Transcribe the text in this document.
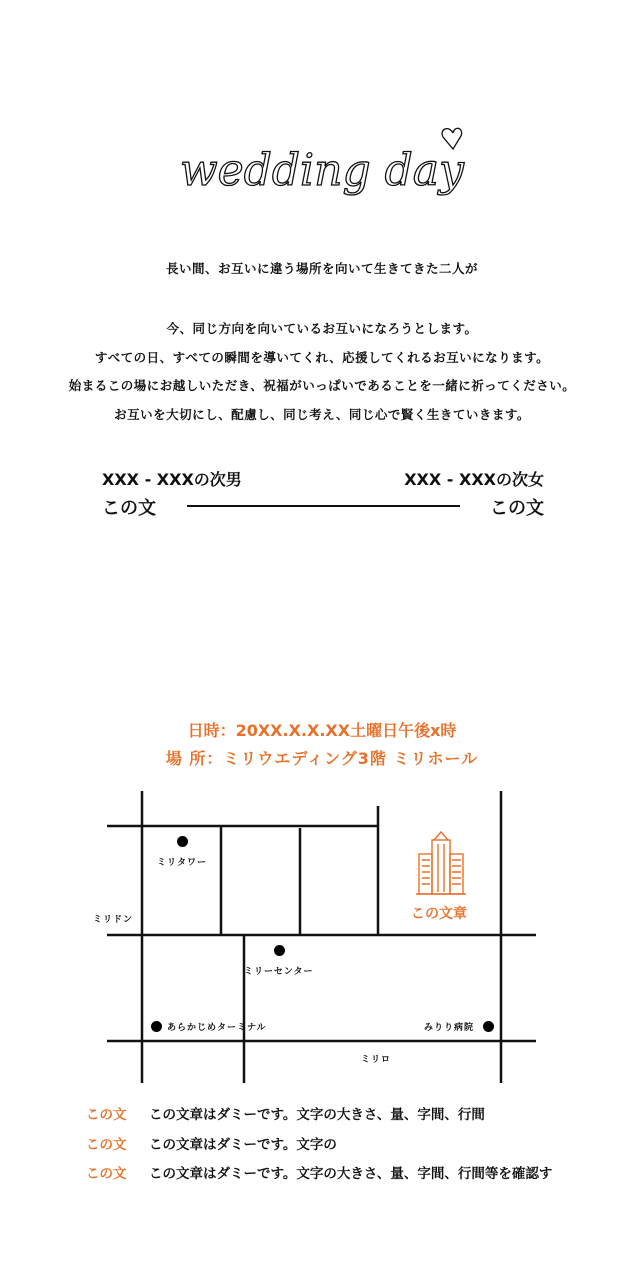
wedding day
長い間、お互いに違う場所を向いて生きてきた二人が
今、同じ方向を向いているお互いになろうとします。
すべての日、すべての瞬間を導いてくれ、応援してくれるお互いになります。
始まるこの場にお越しいただき、祝福がいっぱいであることを一緒に祈ってください。
お互いを大切にし、配慮し、同じ考え、同じ心で賢く生きていきます。
XXX - XXXの次男
この文
XXX - XXXの次女
この文
日時：20XX.X.X.XX土曜日午後x時
場 所：ミリウエディング3階 ミリホール
この文章
ミリタワー
ミリドン
ミリーセンター
あらかじめターミナル	みりり病院
ミリロ
この文 この文章はダミーです。文字の大きさ、量、字間、行間
この文 この文章はダミーです。文字の
この文 この文章はダミーです。文字の大きさ、量、字間、行間等を確認す
